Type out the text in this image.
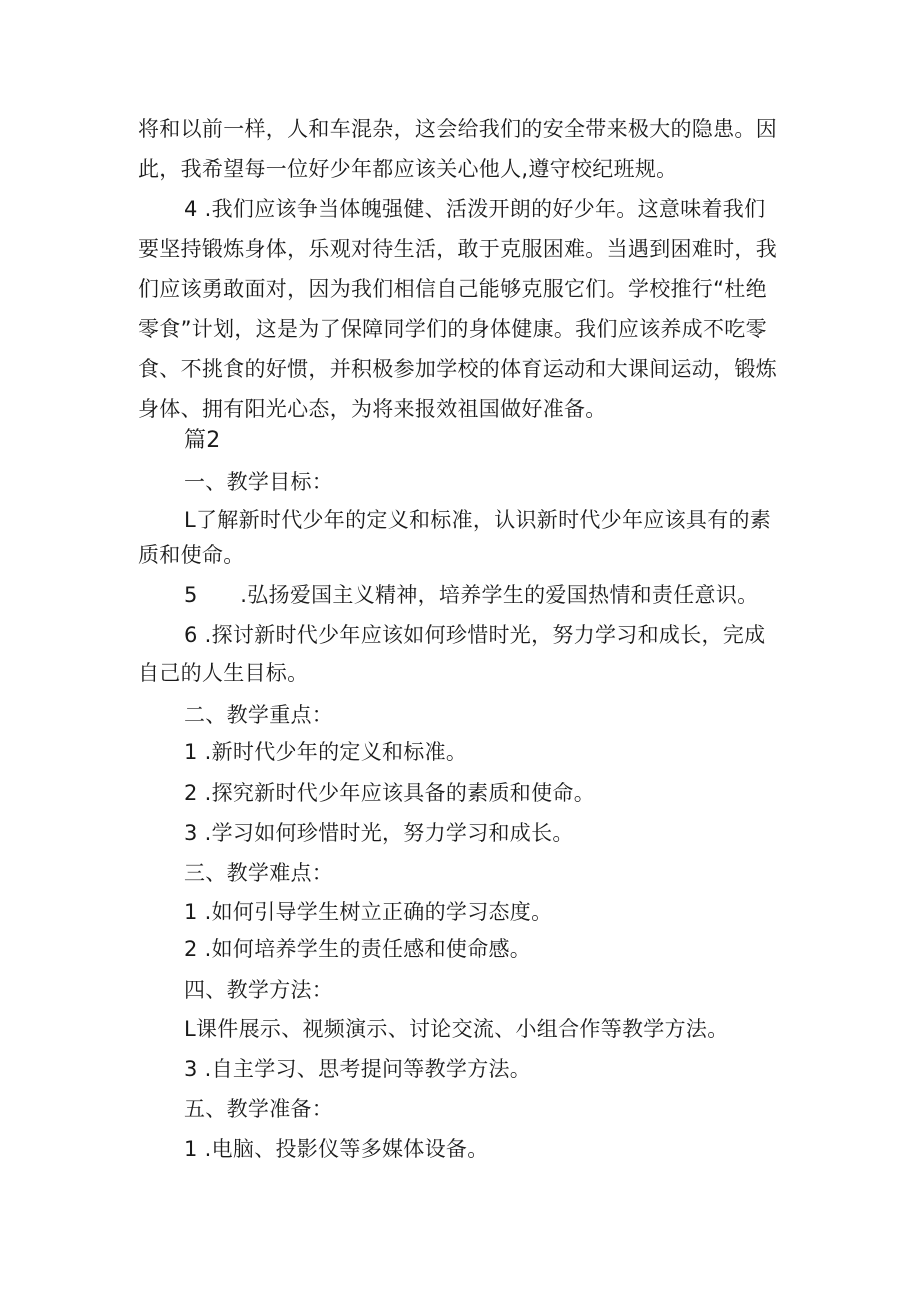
将和以前一样，人和车混杂，这会给我们的安全带来极大的隐患。因
此，我希望每一位好少年都应该关心他人,遵守校纪班规。
4 .我们应该争当体魄强健、活泼开朗的好少年。这意味着我们
要坚持锻炼身体，乐观对待生活，敢于克服困难。当遇到困难时，我
们应该勇敢面对，因为我们相信自己能够克服它们。学校推行“杜绝
零食”计划，这是为了保障同学们的身体健康。我们应该养成不吃零
食、不挑食的好惯，并积极参加学校的体育运动和大课间运动，锻炼
身体、拥有阳光心态，为将来报效祖国做好准备。
篇2
一、教学目标：
L了解新时代少年的定义和标准，认识新时代少年应该具有的素
质和使命。
5　　.弘扬爱国主义精神，培养学生的爱国热情和责任意识。
6 .探讨新时代少年应该如何珍惜时光，努力学习和成长，完成
自己的人生目标。
二、教学重点：
1 .新时代少年的定义和标准。
2 .探究新时代少年应该具备的素质和使命。
3 .学习如何珍惜时光，努力学习和成长。
三、教学难点：
1 .如何引导学生树立正确的学习态度。
2 .如何培养学生的责任感和使命感。
四、教学方法：
L课件展示、视频演示、讨论交流、小组合作等教学方法。
3 .自主学习、思考提问等教学方法。
五、教学准备：
1 .电脑、投影仪等多媒体设备。
